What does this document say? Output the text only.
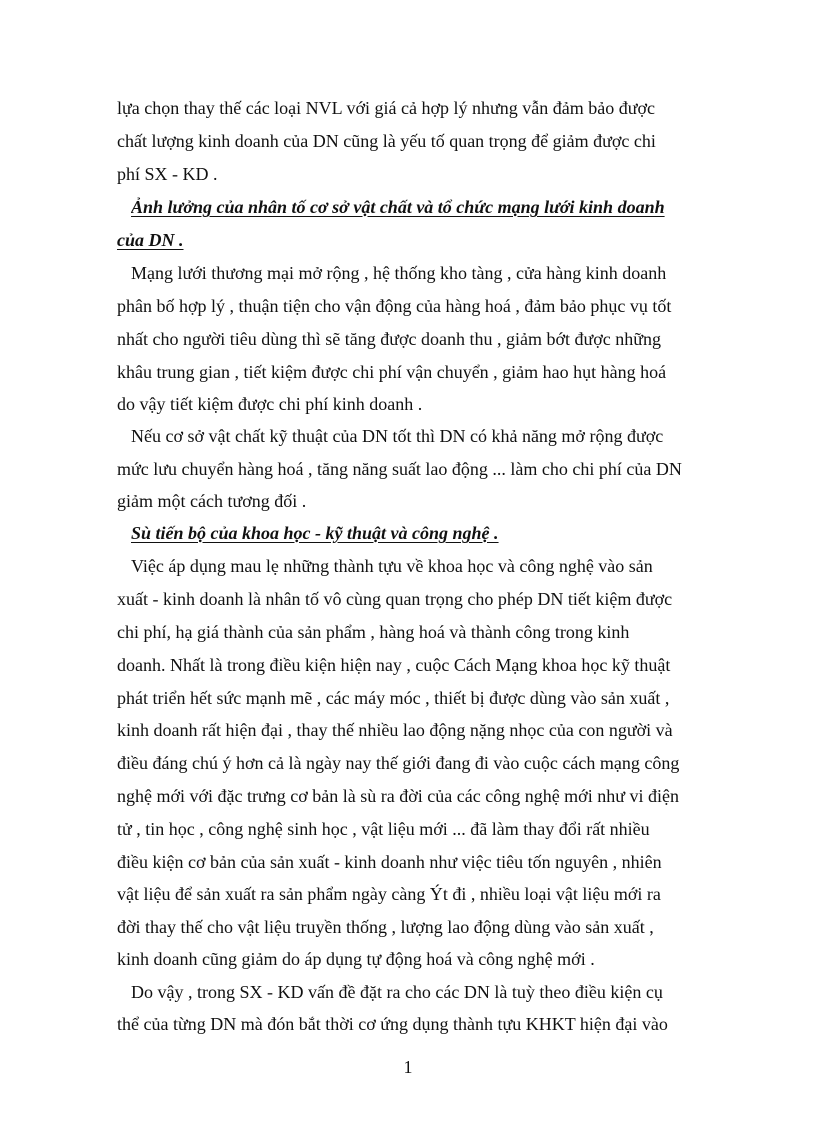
lựa chọn thay thế các loại NVL với giá cả hợp lý nhưng vẫn đảm bảo được
chất lượng kinh doanh của DN cũng là yếu tố quan trọng để giảm được chi
phí SX - KD .
Ảnh lưởng của nhân tố cơ sở vật chất và tổ chức mạng lưới kinh doanh
của DN .
Mạng lưới thương mại mở rộng , hệ thống kho tàng , cửa hàng kinh doanh
phân bố hợp lý , thuận tiện cho vận động của hàng hoá , đảm bảo phục vụ tốt
nhất cho người tiêu dùng thì sẽ tăng được doanh thu , giảm bớt được những
khâu trung gian , tiết kiệm được chi phí vận chuyển , giảm hao hụt hàng hoá
do vậy tiết kiệm được chi phí kinh doanh .
Nếu cơ sở vật chất kỹ thuật của DN tốt thì DN có khả năng mở rộng được
mức lưu chuyển hàng hoá , tăng năng suất lao động ... làm cho chi phí của DN
giảm một cách tương đối .
Sù tiến bộ của khoa học - kỹ thuật và công nghệ .
Việc áp dụng mau lẹ những thành tựu về khoa học và công nghệ vào sản
xuất - kinh doanh là nhân tố vô cùng quan trọng cho phép DN tiết kiệm được
chi phí, hạ giá thành của sản phẩm , hàng hoá và thành công trong kinh
doanh. Nhất là trong điều kiện hiện nay , cuộc Cách Mạng khoa học kỹ thuật
phát triển hết sức mạnh mẽ , các máy móc , thiết bị được dùng vào sản xuất ,
kinh doanh rất hiện đại , thay thế nhiều lao động nặng nhọc của con người và
điều đáng chú ý hơn cả là ngày nay thế giới đang đi vào cuộc cách mạng công
nghệ mới với đặc trưng cơ bản là sù ra đời của các công nghệ mới như vi điện
tử , tin học , công nghệ sinh học , vật liệu mới ... đã làm thay đổi rất nhiều
điều kiện cơ bản của sản xuất - kinh doanh như việc tiêu tốn nguyên , nhiên
vật liệu để sản xuất ra sản phẩm ngày càng Ýt đi , nhiều loại vật liệu mới ra
đời thay thế cho vật liệu truyền thống , lượng lao động dùng vào sản xuất ,
kinh doanh cũng giảm do áp dụng tự động hoá và công nghệ mới .
Do vậy , trong SX - KD vấn đề đặt ra cho các DN là tuỳ theo điều kiện cụ
thể của từng DN mà đón bắt thời cơ ứng dụng thành tựu KHKT hiện đại vào
1
